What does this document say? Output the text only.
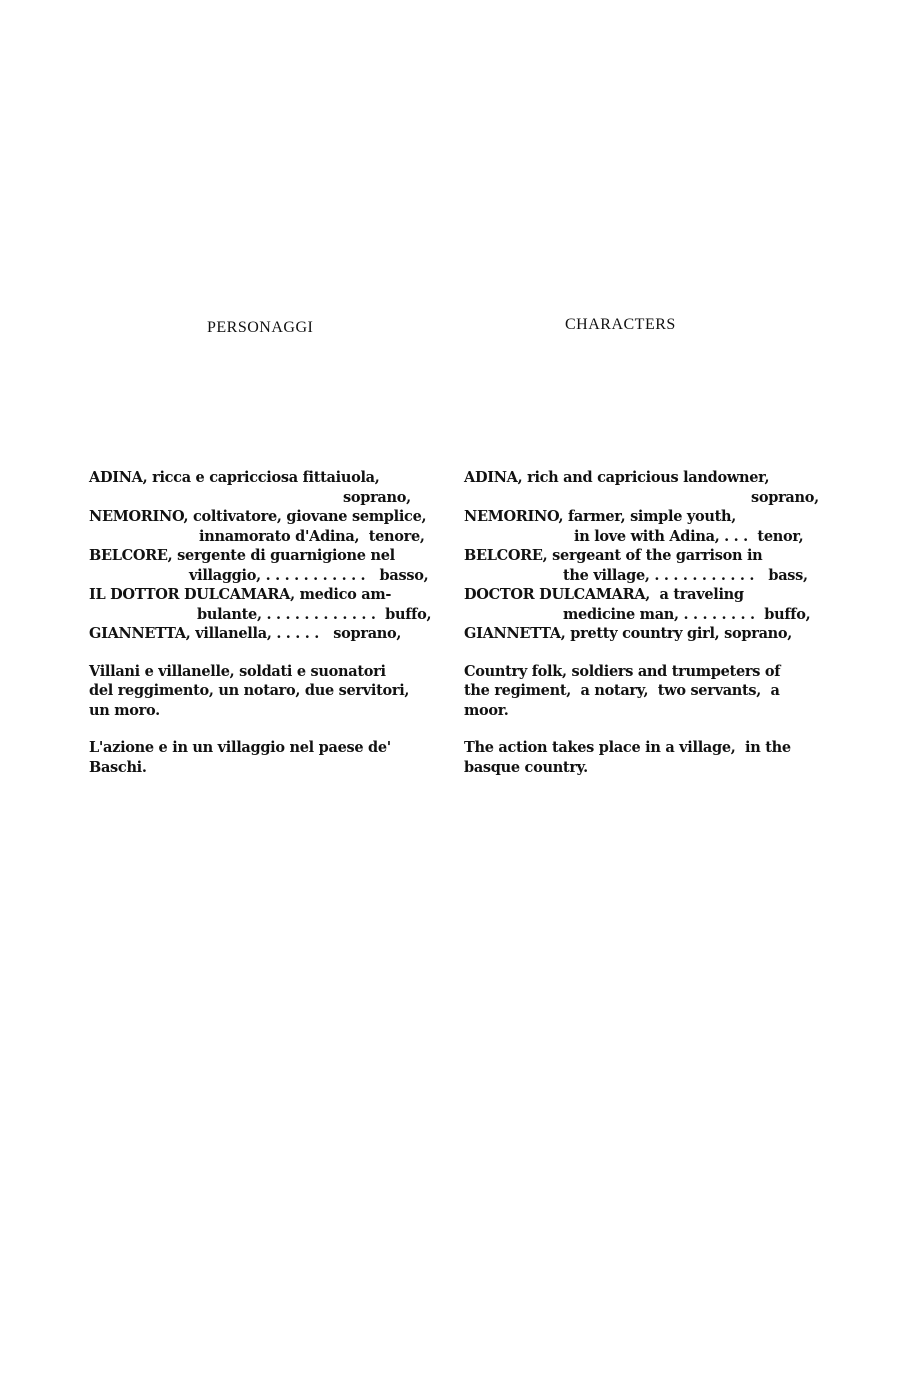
PERSONAGGI	CHARACTERS
ADINA, ricca e capricciosa fittaiuola,
soprano,
NEMORINO, coltivatore, giovane semplice,
innamorato d'Adina,  tenore,
BELCORE, sergente di guarnigione nel
villaggio, . . . . . . . . . . .   basso,
IL DOTTOR DULCAMARA, medico am-
bulante, . . . . . . . . . . . .  buffo,
GIANNETTA, villanella, . . . . .   soprano,
Villani e villanelle, soldati e suonatori
del reggimento, un notaro, due servitori,
un moro.
L'azione e in un villaggio nel paese de'
Baschi.
ADINA, rich and capricious landowner,
soprano,
NEMORINO, farmer, simple youth,
in love with Adina, . . .  tenor,
BELCORE, sergeant of the garrison in
the village, . . . . . . . . . . .   bass,
DOCTOR DULCAMARA,  a traveling
medicine man, . . . . . . . .  buffo,
GIANNETTA, pretty country girl, soprano,
Country folk, soldiers and trumpeters of
the regiment,  a notary,  two servants,  a
moor.
The action takes place in a village,  in the
basque country.
